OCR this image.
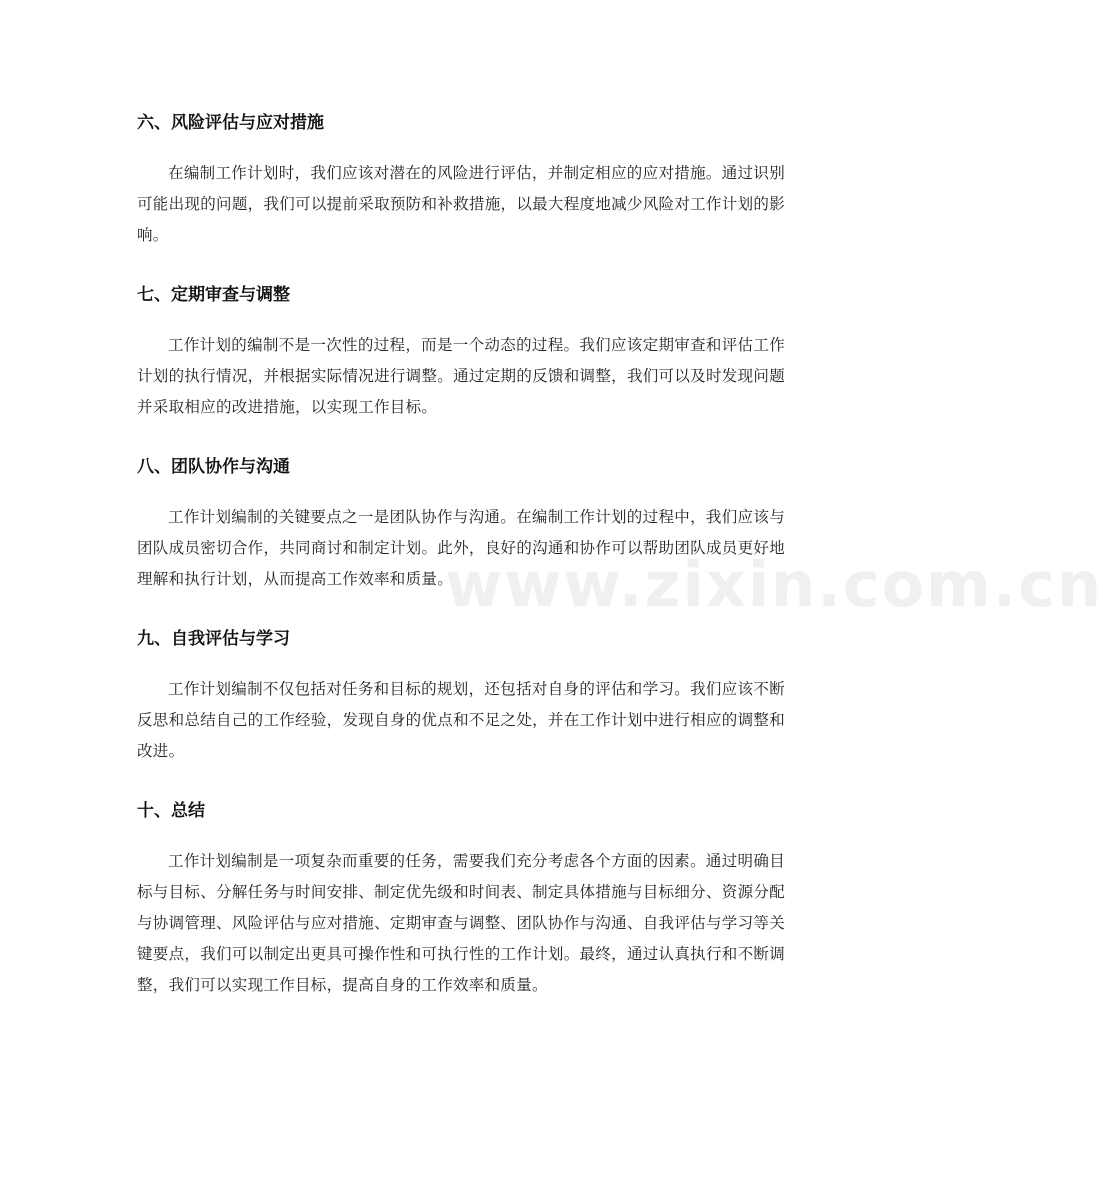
六、风险评估与应对措施

在编制工作计划时，我们应该对潜在的风险进行评估，并制定相应的应对措施。通过识别可能出现的问题，我们可以提前采取预防和补救措施，以最大程度地减少风险对工作计划的影响。

七、定期审查与调整

工作计划的编制不是一次性的过程，而是一个动态的过程。我们应该定期审查和评估工作计划的执行情况，并根据实际情况进行调整。通过定期的反馈和调整，我们可以及时发现问题并采取相应的改进措施，以实现工作目标。

八、团队协作与沟通

工作计划编制的关键要点之一是团队协作与沟通。在编制工作计划的过程中，我们应该与团队成员密切合作，共同商讨和制定计划。此外，良好的沟通和协作可以帮助团队成员更好地理解和执行计划，从而提高工作效率和质量。

九、自我评估与学习

工作计划编制不仅包括对任务和目标的规划，还包括对自身的评估和学习。我们应该不断反思和总结自己的工作经验，发现自身的优点和不足之处，并在工作计划中进行相应的调整和改进。

十、总结

工作计划编制是一项复杂而重要的任务，需要我们充分考虑各个方面的因素。通过明确目标与目标、分解任务与时间安排、制定优先级和时间表、制定具体措施与目标细分、资源分配与协调管理、风险评估与应对措施、定期审查与调整、团队协作与沟通、自我评估与学习等关键要点，我们可以制定出更具可操作性和可执行性的工作计划。最终，通过认真执行和不断调整，我们可以实现工作目标，提高自身的工作效率和质量。

www.zixin.com.cn
